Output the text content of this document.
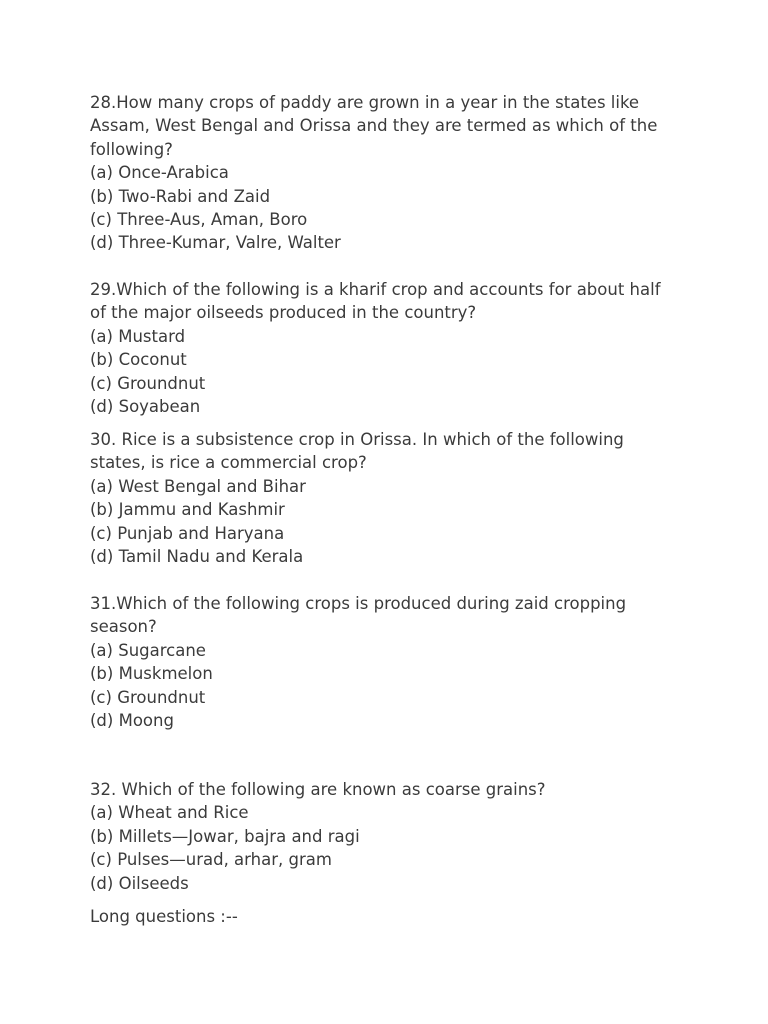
28.How many crops of paddy are grown in a year in the states like
Assam, West Bengal and Orissa and they are termed as which of the
following?
(a) Once-Arabica
(b) Two-Rabi and Zaid
(c) Three-Aus, Aman, Boro
(d) Three-Kumar, Valre, Walter
29.Which of the following is a kharif crop and accounts for about half
of the major oilseeds produced in the country?
(a) Mustard
(b) Coconut
(c) Groundnut
(d) Soyabean
30. Rice is a subsistence crop in Orissa. In which of the following
states, is rice a commercial crop?
(a) West Bengal and Bihar
(b) Jammu and Kashmir
(c) Punjab and Haryana
(d) Tamil Nadu and Kerala
31.Which of the following crops is produced during zaid cropping
season?
(a) Sugarcane
(b) Muskmelon
(c) Groundnut
(d) Moong
32. Which of the following are known as coarse grains?
(a) Wheat and Rice
(b) Millets—Jowar, bajra and ragi
(c) Pulses—urad, arhar, gram
(d) Oilseeds
Long questions :--
